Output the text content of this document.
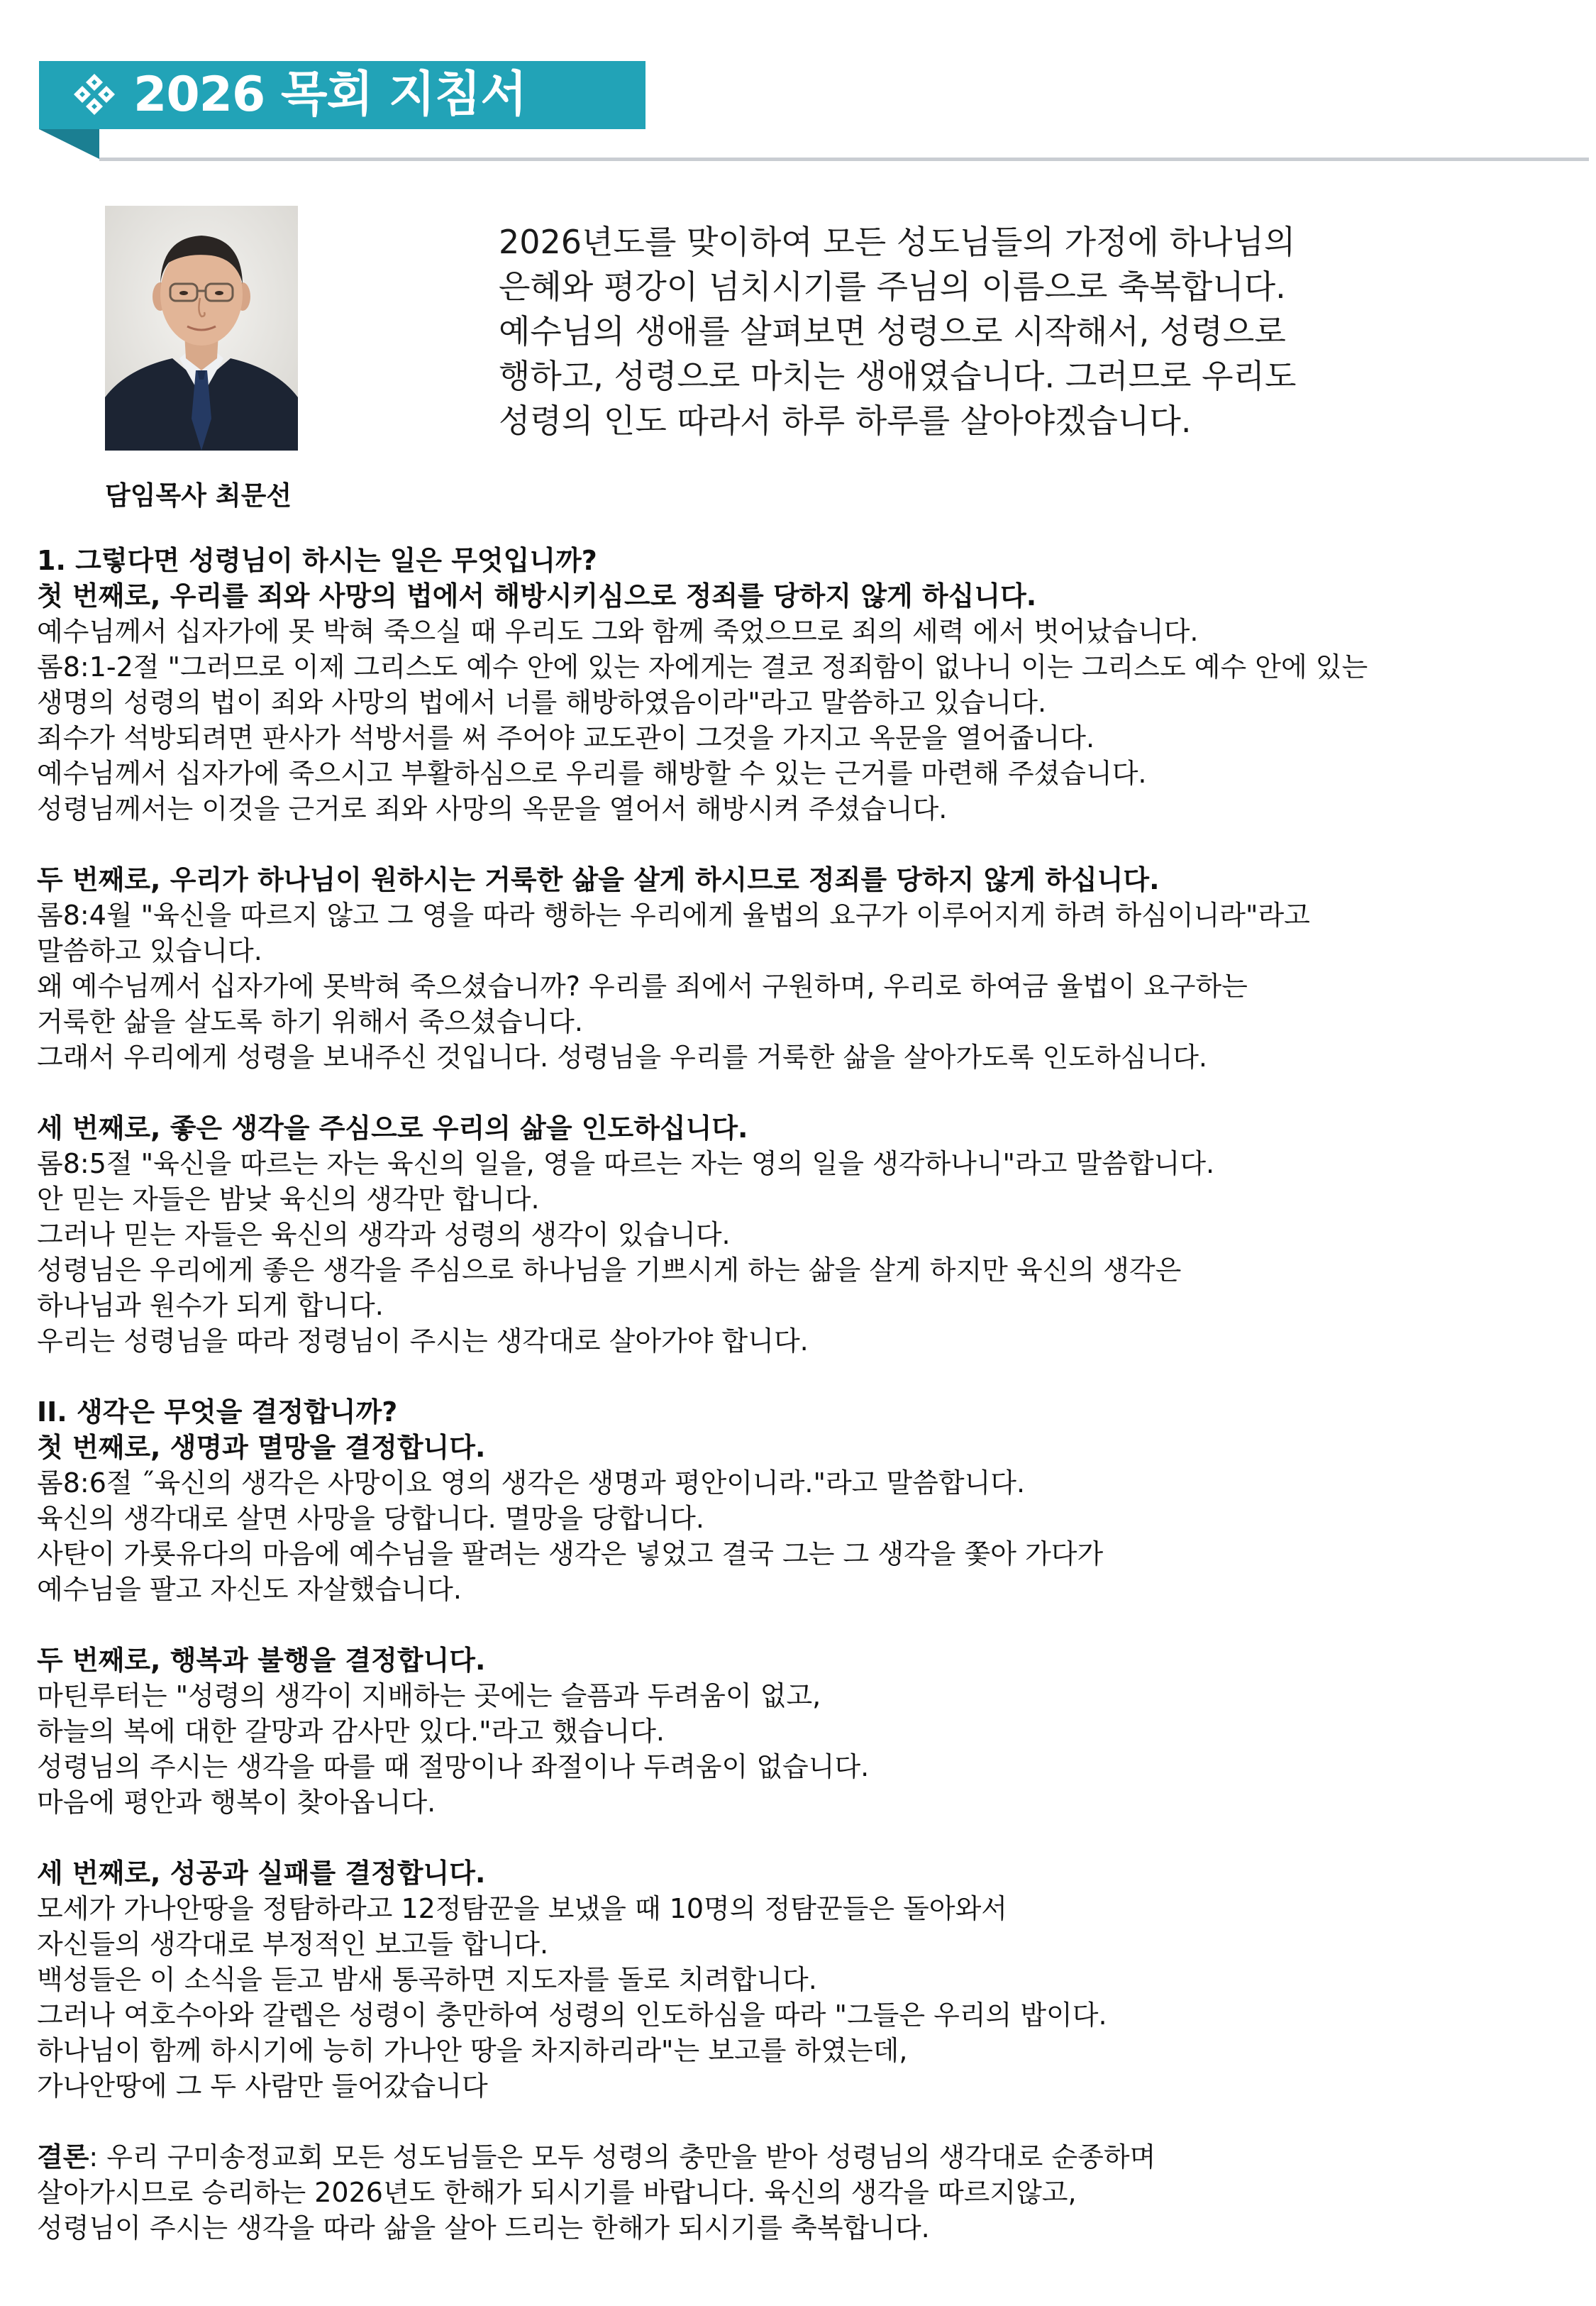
2026 목회 지침서
담임목사 최문선
2026년도를 맞이하여 모든 성도님들의 가정에 하나님의
은혜와 평강이 넘치시기를 주님의 이름으로 축복합니다.
예수님의 생애를 살펴보면 성령으로 시작해서, 성령으로
행하고, 성령으로 마치는 생애였습니다. 그러므로 우리도
성령의 인도 따라서 하루 하루를 살아야겠습니다.
1. 그렇다면 성령님이 하시는 일은 무엇입니까?
첫 번째로, 우리를 죄와 사망의 법에서 해방시키심으로 정죄를 당하지 않게 하십니다.
예수님께서 십자가에 못 박혀 죽으실 때 우리도 그와 함께 죽었으므로 죄의 세력 에서 벗어났습니다.
롬8:1-2절 "그러므로 이제 그리스도 예수 안에 있는 자에게는 결코 정죄함이 없나니 이는 그리스도 예수 안에 있는
생명의 성령의 법이 죄와 사망의 법에서 너를 해방하였음이라"라고 말씀하고 있습니다.
죄수가 석방되려면 판사가 석방서를 써 주어야 교도관이 그것을 가지고 옥문을 열어줍니다.
예수님께서 십자가에 죽으시고 부활하심으로 우리를 해방할 수 있는 근거를 마련해 주셨습니다.
성령님께서는 이것을 근거로 죄와 사망의 옥문을 열어서 해방시켜 주셨습니다.
두 번째로, 우리가 하나님이 원하시는 거룩한 삶을 살게 하시므로 정죄를 당하지 않게 하십니다.
롬8:4월 "육신을 따르지 않고 그 영을 따라 행하는 우리에게 율법의 요구가 이루어지게 하려 하심이니라"라고
말씀하고 있습니다.
왜 예수님께서 십자가에 못박혀 죽으셨습니까? 우리를 죄에서 구원하며, 우리로 하여금 율법이 요구하는
거룩한 삶을 살도록 하기 위해서 죽으셨습니다.
그래서 우리에게 성령을 보내주신 것입니다. 성령님을 우리를 거룩한 삶을 살아가도록 인도하심니다.
세 번째로, 좋은 생각을 주심으로 우리의 삶을 인도하십니다.
롬8:5절 "육신을 따르는 자는 육신의 일을, 영을 따르는 자는 영의 일을 생각하나니"라고 말씀합니다.
안 믿는 자들은 밤낮 육신의 생각만 합니다.
그러나 믿는 자들은 육신의 생각과 성령의 생각이 있습니다.
성령님은 우리에게 좋은 생각을 주심으로 하나님을 기쁘시게 하는 삶을 살게 하지만 육신의 생각은
하나님과 원수가 되게 합니다.
우리는 성령님을 따라 정령님이 주시는 생각대로 살아가야 합니다.
II. 생각은 무엇을 결정합니까?
첫 번째로, 생명과 멸망을 결정합니다.
롬8:6절 ˝육신의 생각은 사망이요 영의 생각은 생명과 평안이니라."라고 말씀합니다.
육신의 생각대로 살면 사망을 당합니다. 멸망을 당합니다.
사탄이 가룟유다의 마음에 예수님을 팔려는 생각은 넣었고 결국 그는 그 생각을 쫓아 가다가
예수님을 팔고 자신도 자살했습니다.
두 번째로, 행복과 불행을 결정합니다.
마틴루터는 "성령의 생각이 지배하는 곳에는 슬픔과 두려움이 없고,
하늘의 복에 대한 갈망과 감사만 있다."라고 했습니다.
성령님의 주시는 생각을 따를 때 절망이나 좌절이나 두려움이 없습니다.
마음에 평안과 행복이 찾아옵니다.
세 번째로, 성공과 실패를 결정합니다.
모세가 가나안땅을 정탐하라고 12정탐꾼을 보냈을 때 10명의 정탐꾼들은 돌아와서
자신들의 생각대로 부정적인 보고들 합니다.
백성들은 이 소식을 듣고 밤새 통곡하면 지도자를 돌로 치려합니다.
그러나 여호수아와 갈렙은 성령이 충만하여 성령의 인도하심을 따라 "그들은 우리의 밥이다.
하나님이 함께 하시기에 능히 가나안 땅을 차지하리라"는 보고를 하였는데,
가나안땅에 그 두 사람만 들어갔습니다
결론: 우리 구미송정교회 모든 성도님들은 모두 성령의 충만을 받아 성령님의 생각대로 순종하며
살아가시므로 승리하는 2026년도 한해가 되시기를 바랍니다. 육신의 생각을 따르지않고,
성령님이 주시는 생각을 따라 삶을 살아 드리는 한해가 되시기를 축복합니다.
